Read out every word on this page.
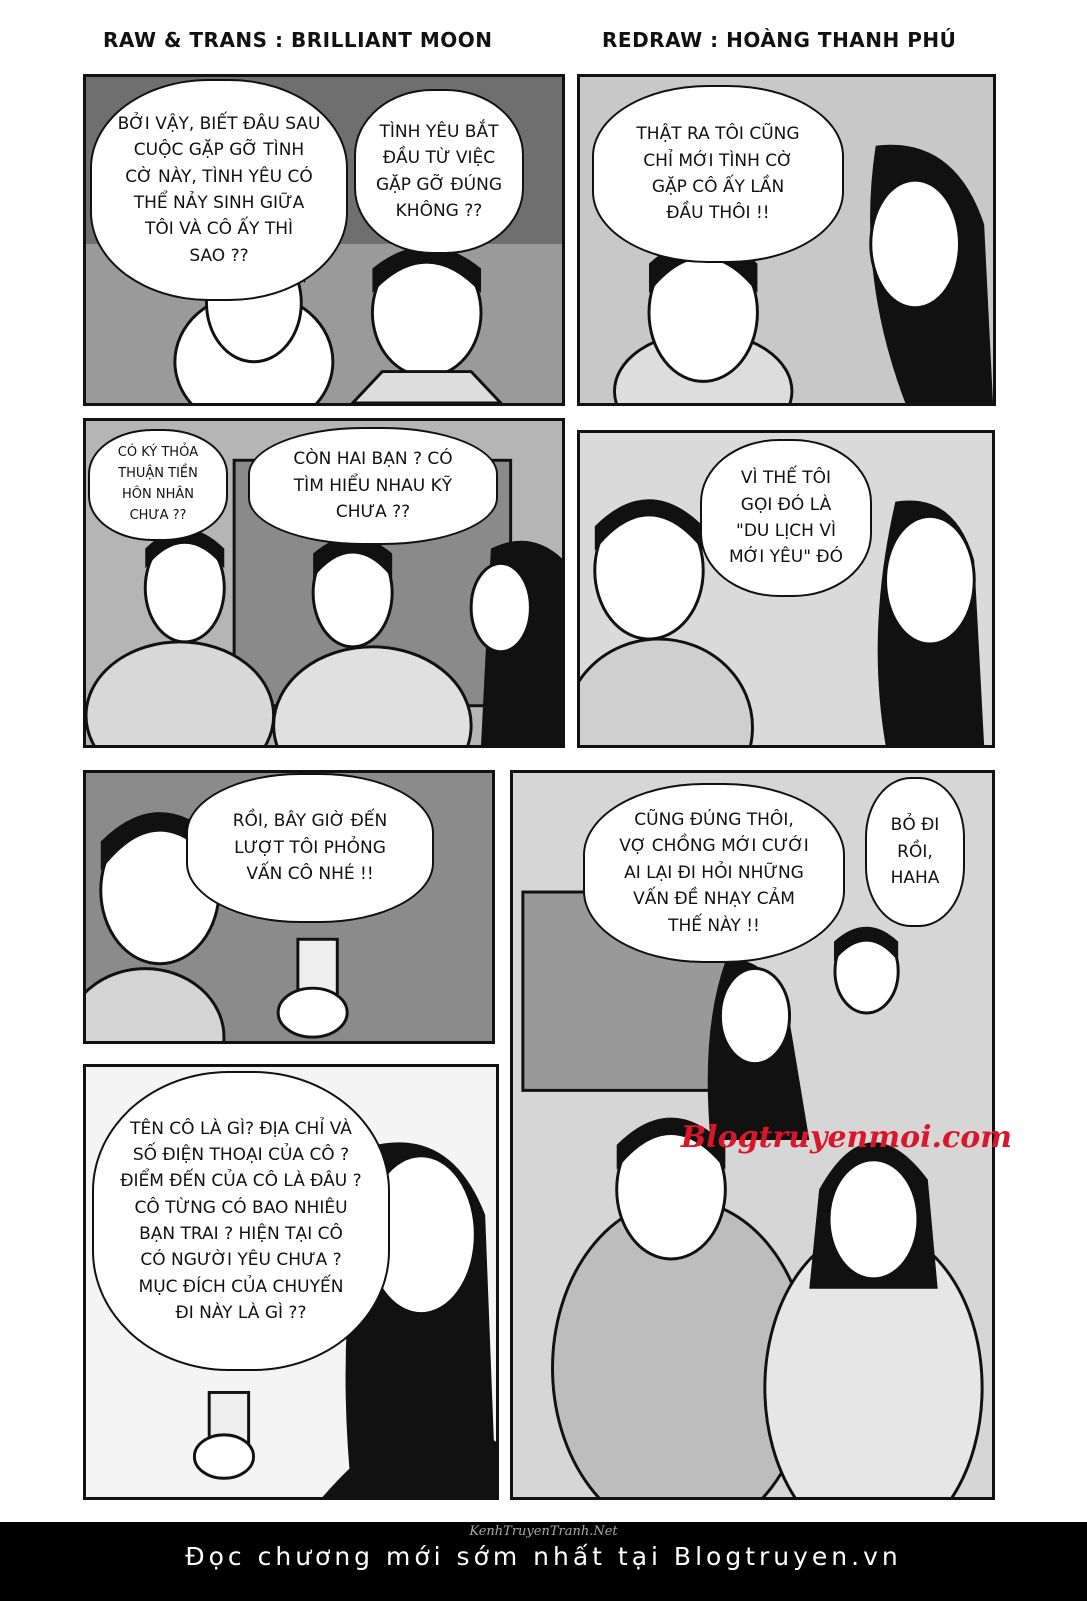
RAW & TRANS : BRILLIANT MOON	REDRAW : HOÀNG THANH PHÚ
BỞI VẬY, BIẾT ĐÂU SAU
CUỘC GẶP GỠ TÌNH
CỜ NÀY, TÌNH YÊU CÓ
THỂ NẢY SINH GIỮA
TÔI VÀ CÔ ẤY THÌ
SAO ??
TÌNH YÊU BẮT
ĐẦU TỪ VIỆC
GẶP GỠ ĐÚNG
KHÔNG ??
THẬT RA TÔI CŨNG
CHỈ MỚI TÌNH CỜ
GẶP CÔ ẤY LẦN
ĐẦU THÔI !!
CÓ KÝ THỎA
THUẬN TIỀN
HÔN NHÂN
CHƯA ??
CÒN HAI BẠN ? CÓ
TÌM HIỂU NHAU KỸ
CHƯA ??
VÌ THẾ TÔI
GỌI ĐÓ LÀ
"DU LỊCH VÌ
MỚI YÊU" ĐÓ
RỒI, BÂY GIỜ ĐẾN
LƯỢT TÔI PHỎNG
VẤN CÔ NHÉ !!
CŨNG ĐÚNG THÔI,
VỢ CHỒNG MỚI CƯỚI
AI LẠI ĐI HỎI NHỮNG
VẤN ĐỀ NHẠY CẢM
THẾ NÀY !!
BỎ ĐI
RỒI,
HAHA
TÊN CÔ LÀ GÌ? ĐỊA CHỈ VÀ
SỐ ĐIỆN THOẠI CỦA CÔ ?
ĐIỂM ĐẾN CỦA CÔ LÀ ĐÂU ?
CÔ TỪNG CÓ BAO NHIÊU
BẠN TRAI ? HIỆN TẠI CÔ
CÓ NGƯỜI YÊU CHƯA ?
MỤC ĐÍCH CỦA CHUYẾN
ĐI NÀY LÀ GÌ ??
Blogtruyenmoi.com
KenhTruyenTranh.Net
Đọc chương mới sớm nhất tại Blogtruyen.vn
